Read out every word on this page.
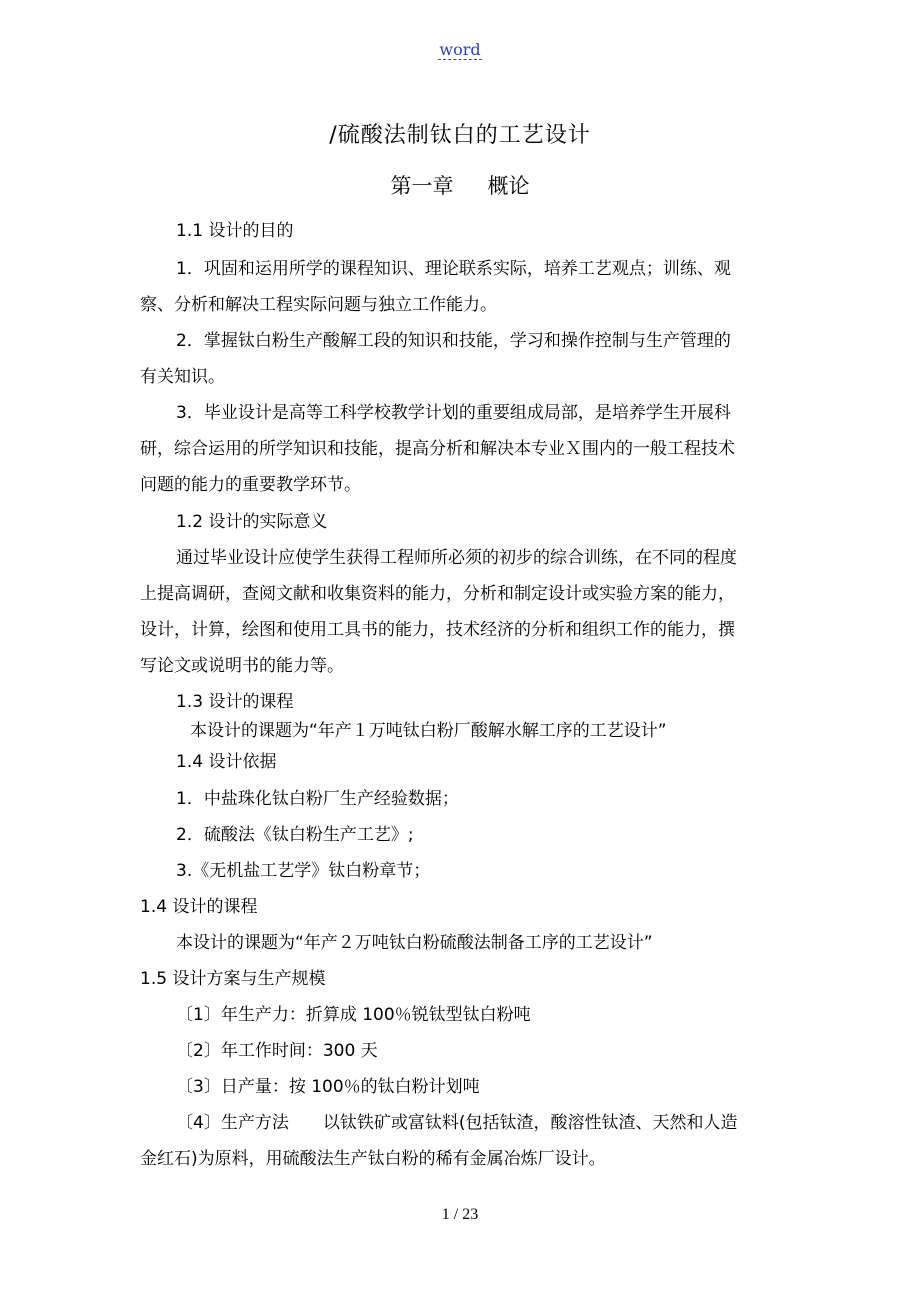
word
/硫酸法制钛白的工艺设计
第一章 概论
1.1 设计的目的
1．巩固和运用所学的课程知识、理论联系实际，培养工艺观点；训练、观
察、分析和解决工程实际问题与独立工作能力。
2．掌握钛白粉生产酸解工段的知识和技能，学习和操作控制与生产管理的
有关知识。
3．毕业设计是高等工科学校教学计划的重要组成局部，是培养学生开展科
研，综合运用的所学知识和技能，提高分析和解决本专业Ｘ围内的一般工程技术
问题的能力的重要教学环节。
1.2 设计的实际意义
通过毕业设计应使学生获得工程师所必须的初步的综合训练，在不同的程度
上提高调研，查阅文献和收集资料的能力，分析和制定设计或实验方案的能力，
设计，计算，绘图和使用工具书的能力，技术经济的分析和组织工作的能力，撰
写论文或说明书的能力等。
1.3 设计的课程
本设计的课题为“年产１万吨钛白粉厂酸解水解工序的工艺设计”
1.4 设计依据
1．中盐珠化钛白粉厂生产经验数据；
2．硫酸法《钛白粉生产工艺》;
3.《无机盐工艺学》钛白粉章节；
1.4 设计的课程
本设计的课题为“年产２万吨钛白粉硫酸法制备工序的工艺设计”
1.5 设计方案与生产规模
〔1〕年生产力：折算成 100％锐钛型钛白粉吨
〔2〕年工作时间：300 天
〔3〕日产量：按 100％的钛白粉计划吨
〔4〕生产方法　　以钛铁矿或富钛料(包括钛渣，酸溶性钛渣、天然和人造
金红石)为原料，用硫酸法生产钛白粉的稀有金属冶炼厂设计。
1 / 23
